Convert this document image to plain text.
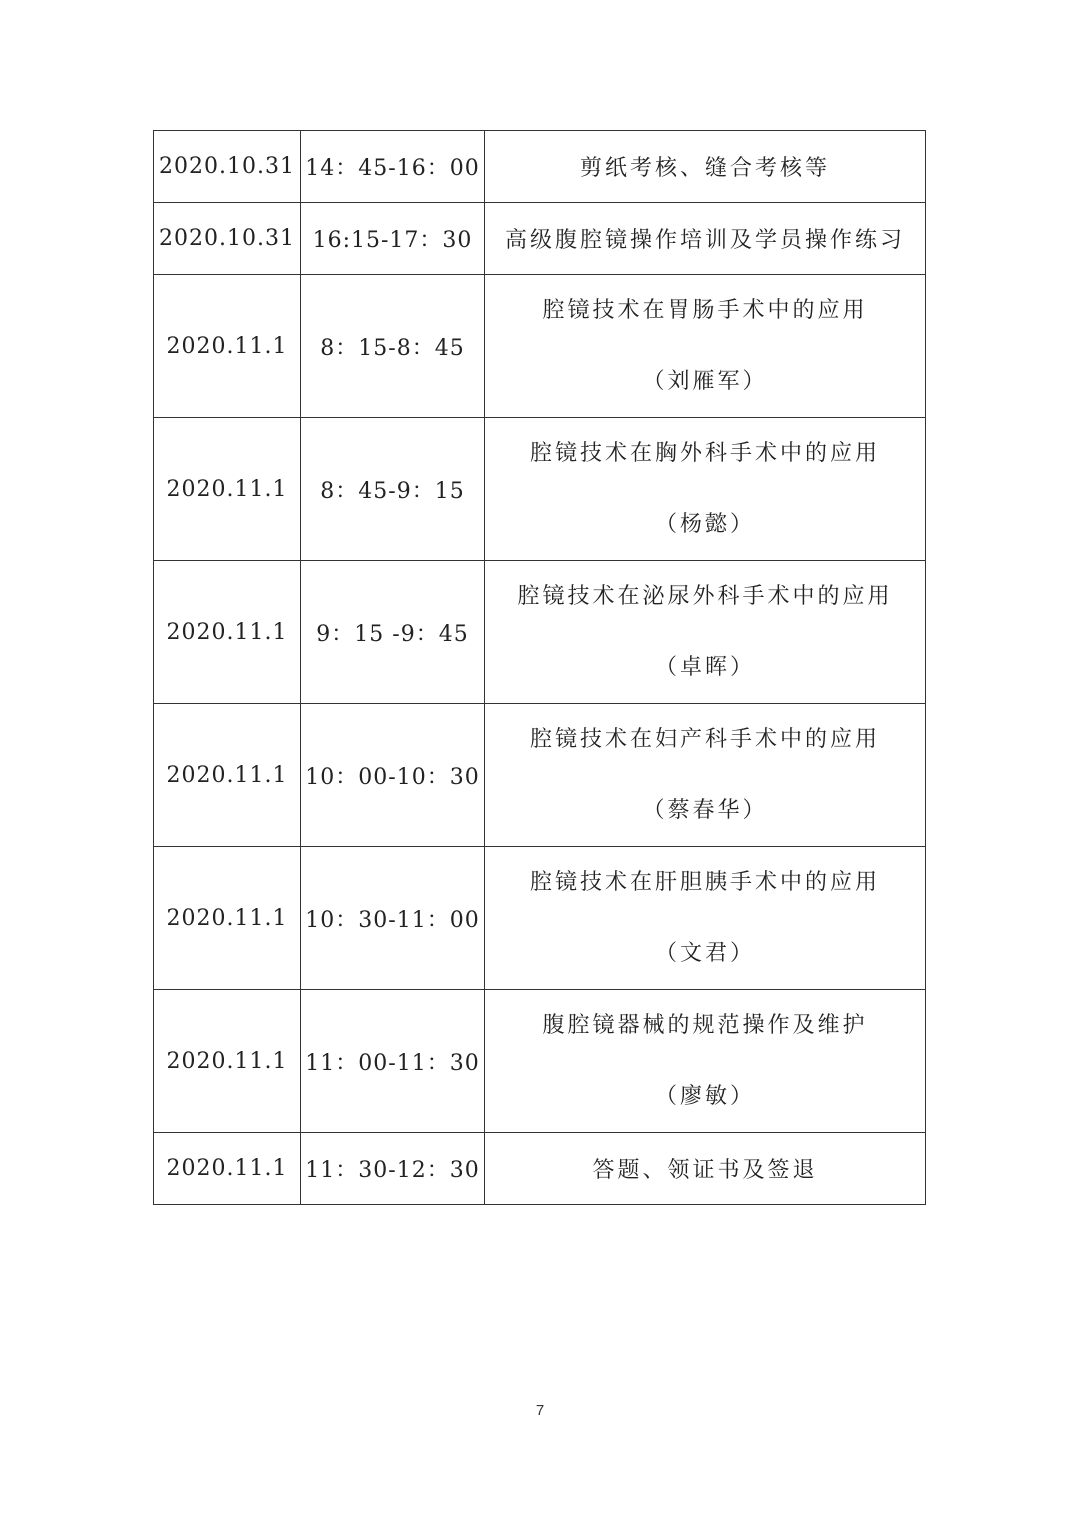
2020.10.31	14：45-16：00	剪纸考核、缝合考核等
2020.10.31	16:15-17：30	高级腹腔镜操作培训及学员操作练习
2020.11.1	8：15-8：45	腔镜技术在胃肠手术中的应用
（刘雁军）

2020.11.1	8：45-9：15	腔镜技术在胸外科手术中的应用
（杨懿）

2020.11.1	9：15 -9：45	腔镜技术在泌尿外科手术中的应用
（卓晖）

2020.11.1	10：00-10：30	腔镜技术在妇产科手术中的应用
（蔡春华）

2020.11.1	10：30-11：00	腔镜技术在肝胆胰手术中的应用
（文君）

2020.11.1	11：00-11：30	腹腔镜器械的规范操作及维护
（廖敏）

2020.11.1	11：30-12：30	答题、领证书及签退
7
